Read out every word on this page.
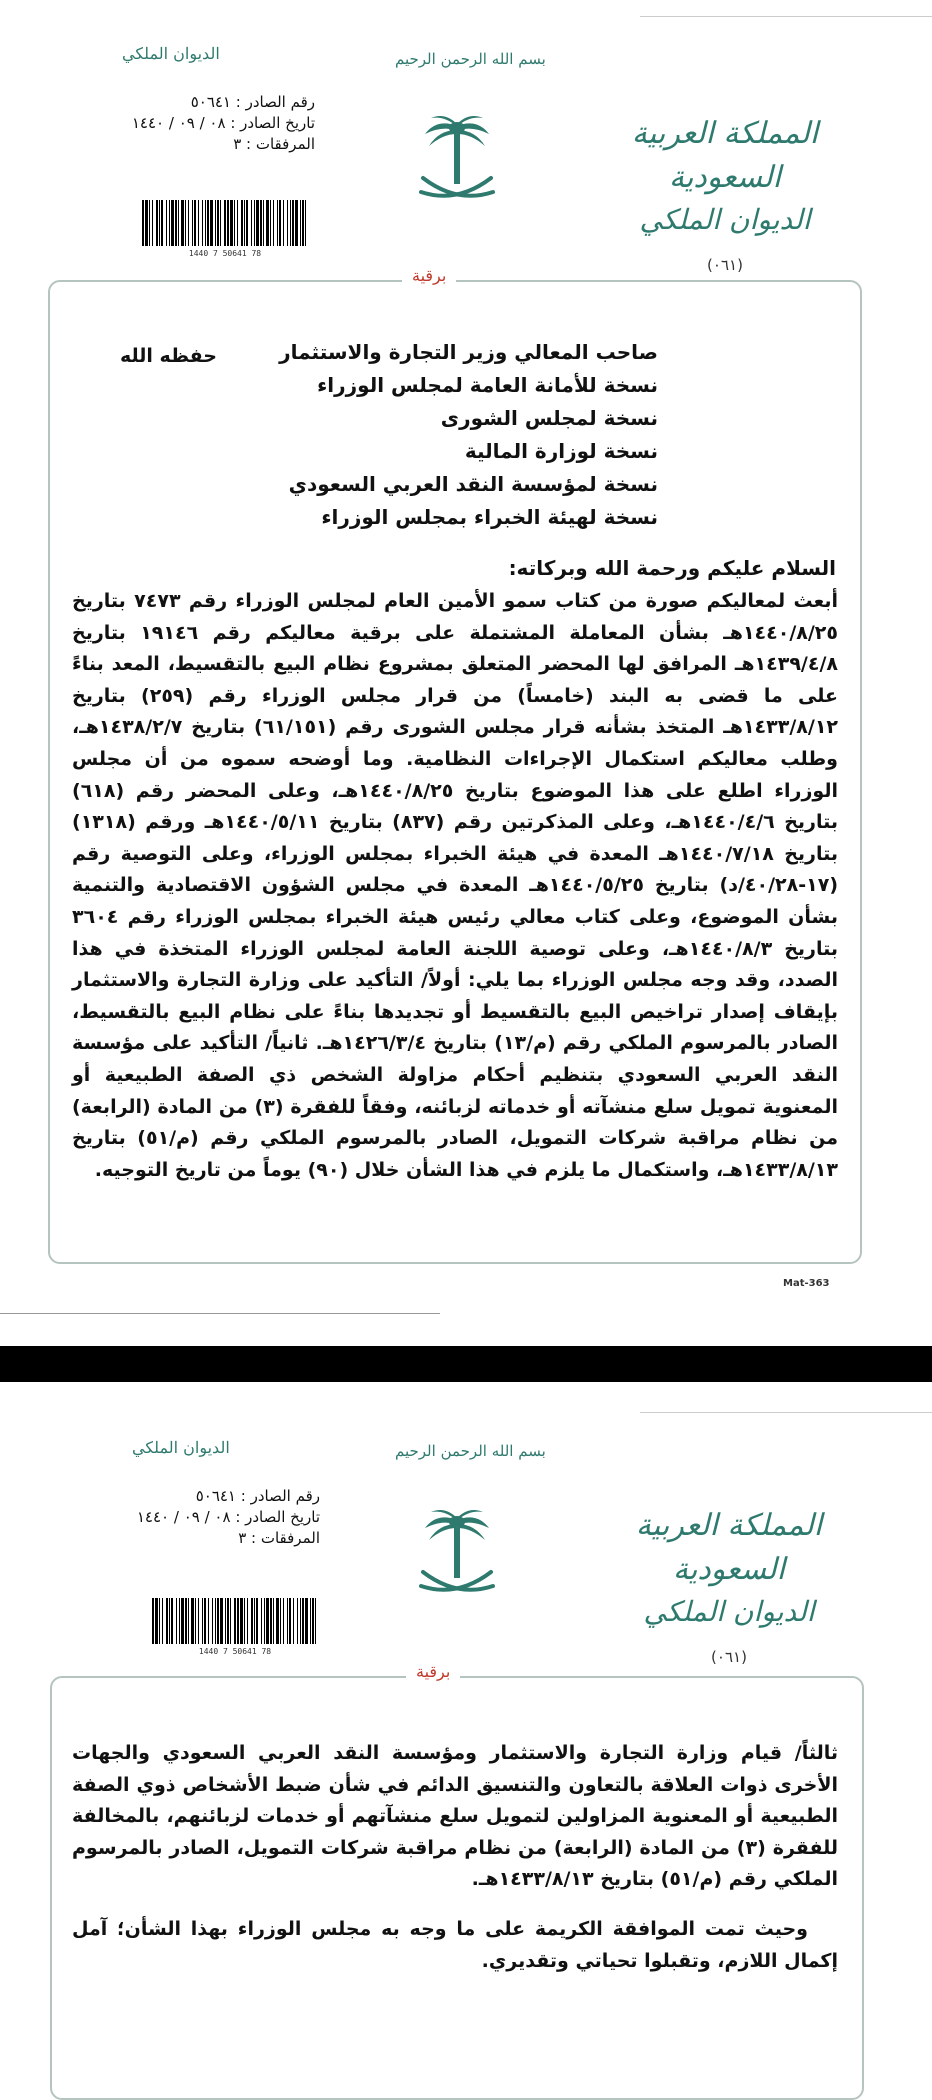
الديوان الملكي	بسم الله الرحمن الرحيم
رقم الصادر : ٥٠٦٤١
تاريخ الصادر : ٠٨ / ٠٩ / ١٤٤٠
المرفقات : ٣	المملكة العربية السعودية
الديوان الملكي
(٠٦١)
1440 7 50641 78
برقية
صاحب المعالي وزير التجارة والاستثمار
نسخة للأمانة العامة لمجلس الوزراء
نسخة لمجلس الشورى
نسخة لوزارة المالية
نسخة لمؤسسة النقد العربي السعودي
نسخة لهيئة الخبراء بمجلس الوزراء
حفظه الله
السلام عليكم ورحمة الله وبركاته:
أبعث لمعاليكم صورة من كتاب سمو الأمين العام لمجلس الوزراء رقم ٧٤٧٣ بتاريخ ١٤٤٠/٨/٢٥هـ بشأن المعاملة المشتملة على برقية معاليكم رقم ١٩١٤٦ بتاريخ ١٤٣٩/٤/٨هـ المرافق لها المحضر المتعلق بمشروع نظام البيع بالتقسيط، المعد بناءً على ما قضى به البند (خامساً) من قرار مجلس الوزراء رقم (٢٥٩) بتاريخ ١٤٣٣/٨/١٢هـ المتخذ بشأنه قرار مجلس الشورى رقم (٦١/١٥١) بتاريخ ١٤٣٨/٢/٧هـ، وطلب معاليكم استكمال الإجراءات النظامية. وما أوضحه سموه من أن مجلس الوزراء اطلع على هذا الموضوع بتاريخ ١٤٤٠/٨/٢٥هـ، وعلى المحضر رقم (٦١٨) بتاريخ ١٤٤٠/٤/٦هـ، وعلى المذكرتين رقم (٨٣٧) بتاريخ ١٤٤٠/٥/١١هـ ورقم (١٣١٨) بتاريخ ١٤٤٠/٧/١٨هـ المعدة في هيئة الخبراء بمجلس الوزراء، وعلى التوصية رقم (١٧-٤٠/٢٨/د) بتاريخ ١٤٤٠/٥/٢٥هـ المعدة في مجلس الشؤون الاقتصادية والتنمية بشأن الموضوع، وعلى كتاب معالي رئيس هيئة الخبراء بمجلس الوزراء رقم ٣٦٠٤ بتاريخ ١٤٤٠/٨/٣هـ، وعلى توصية اللجنة العامة لمجلس الوزراء المتخذة في هذا الصدد، وقد وجه مجلس الوزراء بما يلي: أولاً/ التأكيد على وزارة التجارة والاستثمار بإيقاف إصدار تراخيص البيع بالتقسيط أو تجديدها بناءً على نظام البيع بالتقسيط، الصادر بالمرسوم الملكي رقم (م/١٣) بتاريخ ١٤٢٦/٣/٤هـ. ثانياً/ التأكيد على مؤسسة النقد العربي السعودي بتنظيم أحكام مزاولة الشخص ذي الصفة الطبيعية أو المعنوية تمويل سلع منشآته أو خدماته لزبائنه، وفقاً للفقرة (٣) من المادة (الرابعة) من نظام مراقبة شركات التمويل، الصادر بالمرسوم الملكي رقم (م/٥١) بتاريخ ١٤٣٣/٨/١٣هـ، واستكمال ما يلزم في هذا الشأن خلال (٩٠) يوماً من تاريخ التوجيه.
Mat-363
الديوان الملكي	بسم الله الرحمن الرحيم
رقم الصادر : ٥٠٦٤١
تاريخ الصادر : ٠٨ / ٠٩ / ١٤٤٠
المرفقات : ٣	المملكة العربية السعودية
الديوان الملكي
(٠٦١)
1440 7 50641 78
برقية
ثالثاً/ قيام وزارة التجارة والاستثمار ومؤسسة النقد العربي السعودي والجهات الأخرى ذوات العلاقة بالتعاون والتنسيق الدائم في شأن ضبط الأشخاص ذوي الصفة الطبيعية أو المعنوية المزاولين لتمويل سلع منشآتهم أو خدمات لزبائنهم، بالمخالفة للفقرة (٣) من المادة (الرابعة) من نظام مراقبة شركات التمويل، الصادر بالمرسوم الملكي رقم (م/٥١) بتاريخ ١٤٣٣/٨/١٣هـ.
وحيث تمت الموافقة الكريمة على ما وجه به مجلس الوزراء بهذا الشأن؛ آمل إكمال اللازم، وتقبلوا تحياتي وتقديري.
